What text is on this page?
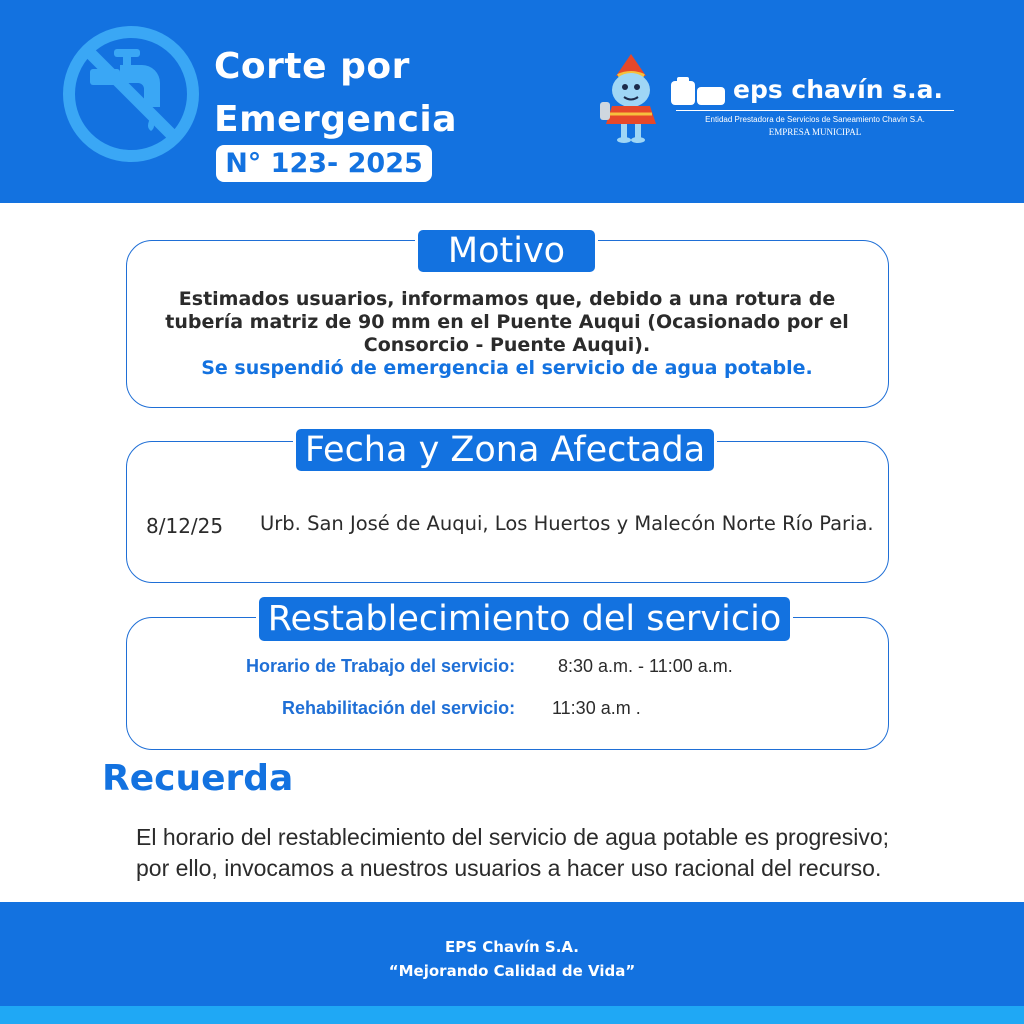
Corte por
Emergencia
N° 123- 2025
eps chavín s.a.
Entidad Prestadora de Servicios de Saneamiento Chavín S.A.
EMPRESA MUNICIPAL
Motivo
Estimados usuarios, informamos que, debido a una rotura de
tubería matriz de 90 mm en el Puente Auqui (Ocasionado por el
Consorcio - Puente Auqui).
Se suspendió de emergencia el servicio de agua potable.
Fecha y Zona Afectada
8/12/25 Urb. San José de Auqui, Los Huertos y Malecón Norte Río Paria.
Restablecimiento del servicio
Horario de Trabajo del servicio: 8:30 a.m. - 11:00 a.m.
Rehabilitación del servicio: 11:30 a.m .
Recuerda
El horario del restablecimiento del servicio de agua potable es progresivo;
por ello, invocamos a nuestros usuarios a hacer uso racional del recurso.
EPS Chavín S.A.
“Mejorando Calidad de Vida”
